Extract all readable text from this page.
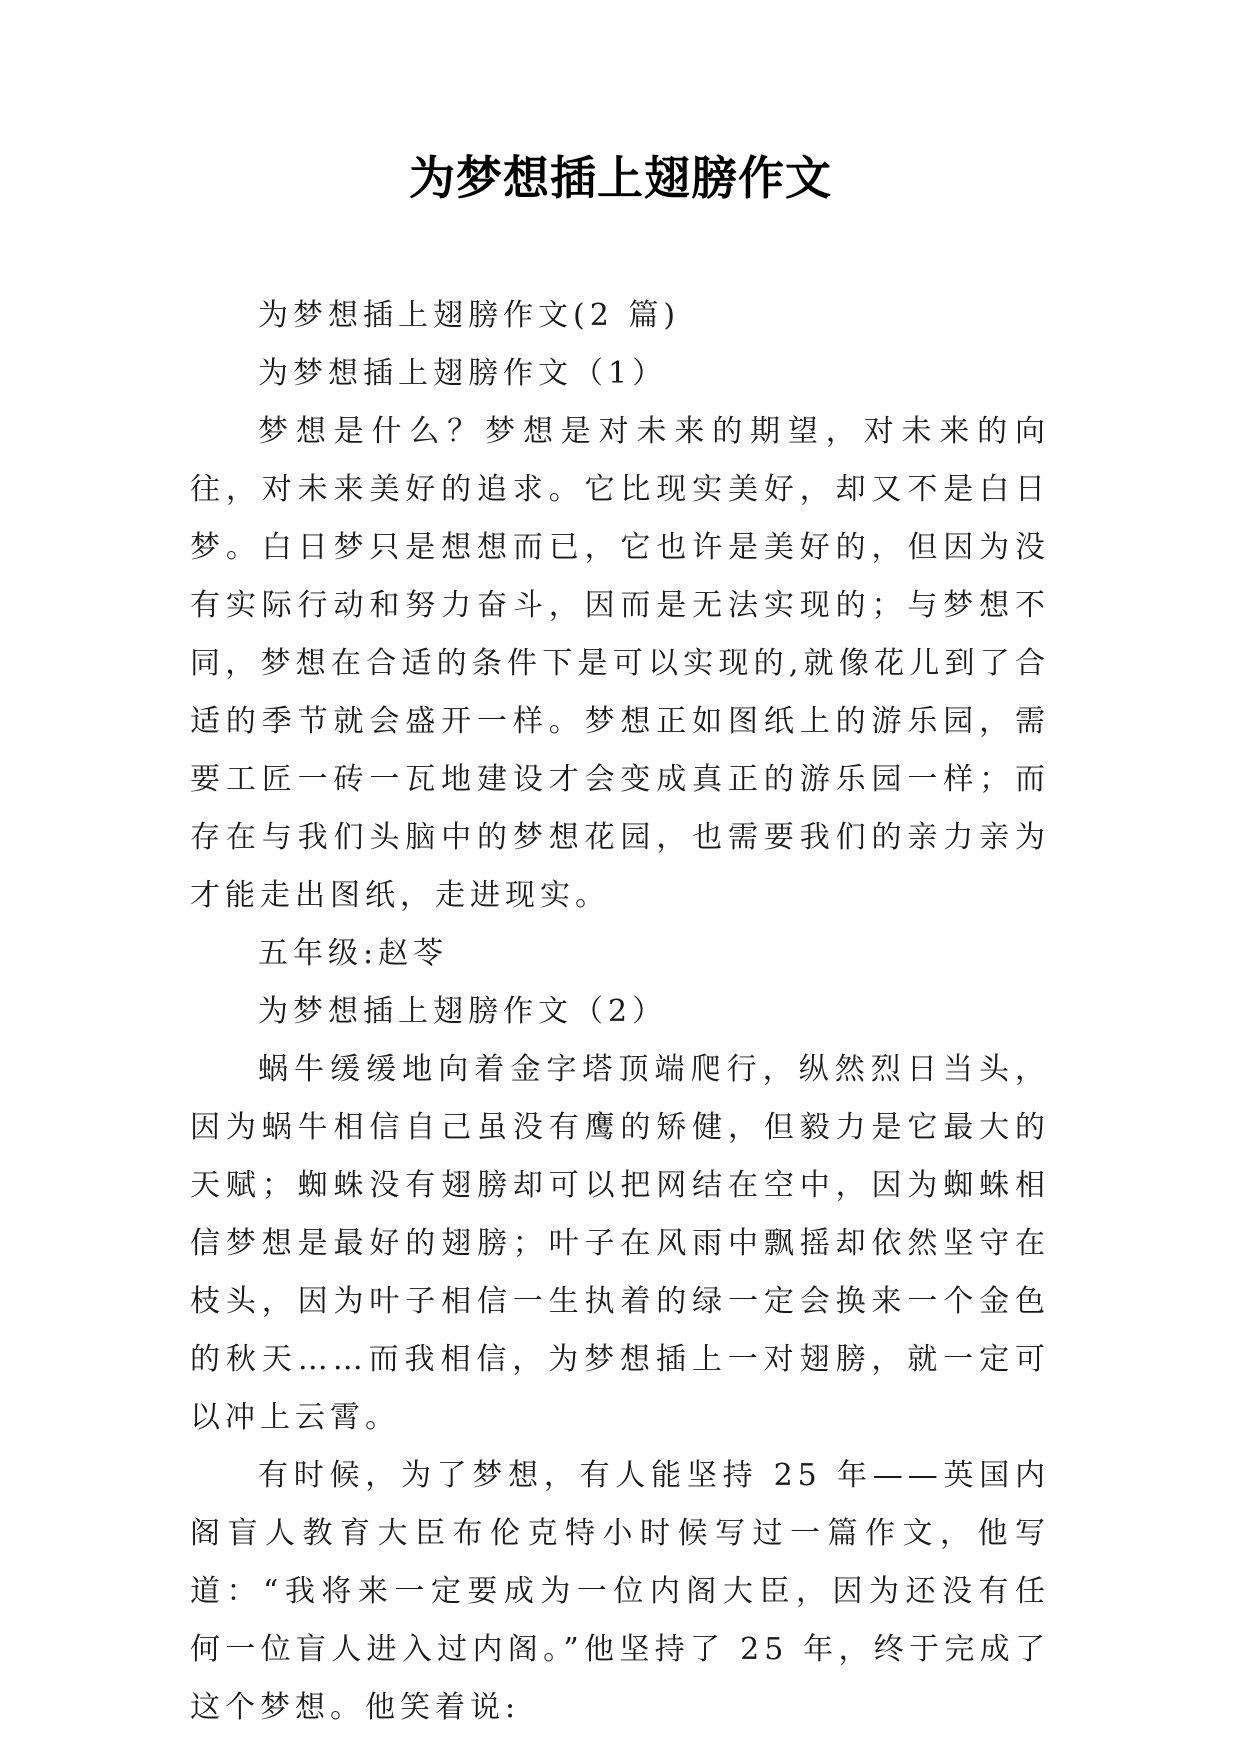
为梦想插上翅膀作文

为梦想插上翅膀作文(2 篇)

为梦想插上翅膀作文（1）

梦想是什么？梦想是对未来的期望，对未来的向往，对未来美好的追求。它比现实美好，却又不是白日梦。白日梦只是想想而已，它也许是美好的，但因为没有实际行动和努力奋斗，因而是无法实现的；与梦想不同，梦想在合适的条件下是可以实现的,就像花儿到了合适的季节就会盛开一样。梦想正如图纸上的游乐园，需要工匠一砖一瓦地建设才会变成真正的游乐园一样；而存在与我们头脑中的梦想花园，也需要我们的亲力亲为才能走出图纸，走进现实。

五年级:赵苓

为梦想插上翅膀作文（2）

蜗牛缓缓地向着金字塔顶端爬行，纵然烈日当头，因为蜗牛相信自己虽没有鹰的矫健，但毅力是它最大的天赋；蜘蛛没有翅膀却可以把网结在空中，因为蜘蛛相信梦想是最好的翅膀；叶子在风雨中飘摇却依然坚守在枝头，因为叶子相信一生执着的绿一定会换来一个金色的秋天……而我相信，为梦想插上一对翅膀，就一定可以冲上云霄。

有时候，为了梦想，有人能坚持 25 年——英国内阁盲人教育大臣布伦克特小时候写过一篇作文，他写道：“我将来一定要成为一位内阁大臣，因为还没有任何一位盲人进入过内阁。”他坚持了 25 年，终于完成了这个梦想。他笑着说:
